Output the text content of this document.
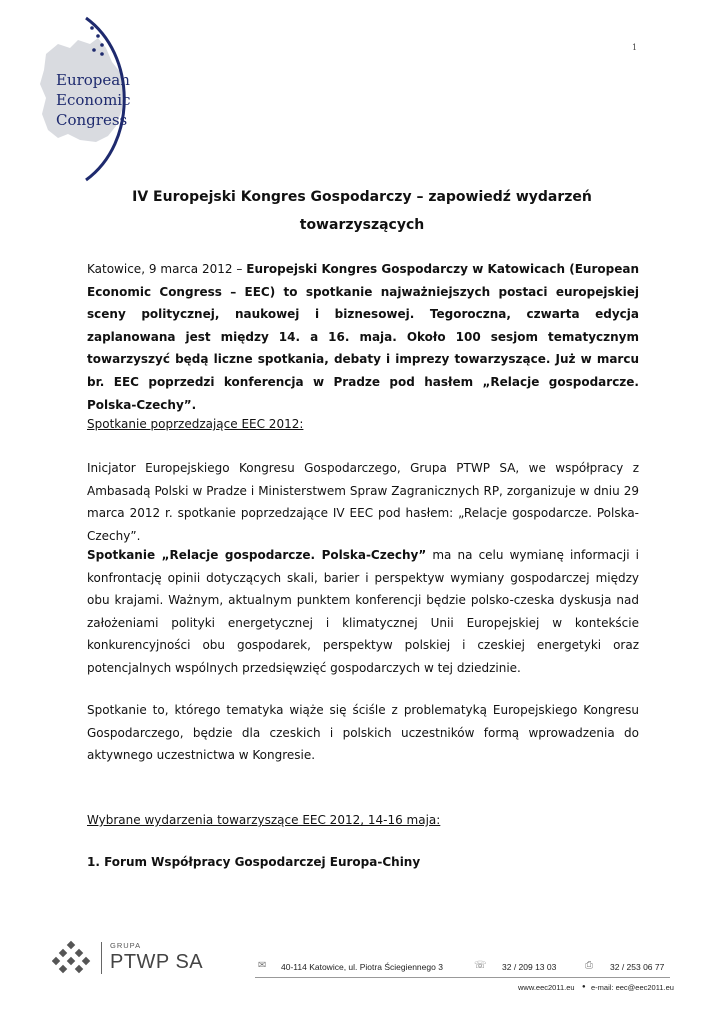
European
Economic
Congress
1
IV Europejski Kongres Gospodarczy – zapowiedź wydarzeń
towarzyszących
Katowice, 9 marca 2012 – Europejski Kongres Gospodarczy w Katowicach (European Economic Congress – EEC) to spotkanie najważniejszych postaci europejskiej sceny politycznej, naukowej i biznesowej. Tegoroczna, czwarta edycja zaplanowana jest między 14. a 16. maja. Około 100 sesjom tematycznym towarzyszyć będą liczne spotkania, debaty i imprezy towarzyszące. Już w marcu br. EEC poprzedzi konferencja w Pradze pod hasłem „Relacje gospodarcze. Polska-Czechy”.
Spotkanie poprzedzające EEC 2012:
Inicjator Europejskiego Kongresu Gospodarczego, Grupa PTWP SA, we współpracy z Ambasadą Polski w Pradze i Ministerstwem Spraw Zagranicznych RP, zorganizuje w dniu 29 marca 2012 r. spotkanie poprzedzające IV EEC pod hasłem: „Relacje gospodarcze. Polska-Czechy”.
Spotkanie „Relacje gospodarcze. Polska-Czechy” ma na celu wymianę informacji i konfrontację opinii dotyczących skali, barier i perspektyw wymiany gospodarczej między obu krajami. Ważnym, aktualnym punktem konferencji będzie polsko-czeska dyskusja nad założeniami polityki energetycznej i klimatycznej Unii Europejskiej w kontekście konkurencyjności obu gospodarek, perspektyw polskiej i czeskiej energetyki oraz potencjalnych wspólnych przedsięwzięć gospodarczych w tej dziedzinie.
Spotkanie to, którego tematyka wiąże się ściśle z problematyką Europejskiego Kongresu Gospodarczego, będzie dla czeskich i polskich uczestników formą wprowadzenia do aktywnego uczestnictwa w Kongresie.
Wybrane wydarzenia towarzyszące EEC 2012, 14-16 maja:
1. Forum Współpracy Gospodarczej Europa-Chiny
GRUPA
PTWP SA	✉ 40-114 Katowice, ul. Piotra Ściegiennego 3	☏ 32 / 209 13 03	⎙ 32 / 253 06 77
www.eec2011.eu ● e-mail: eec@eec2011.eu
